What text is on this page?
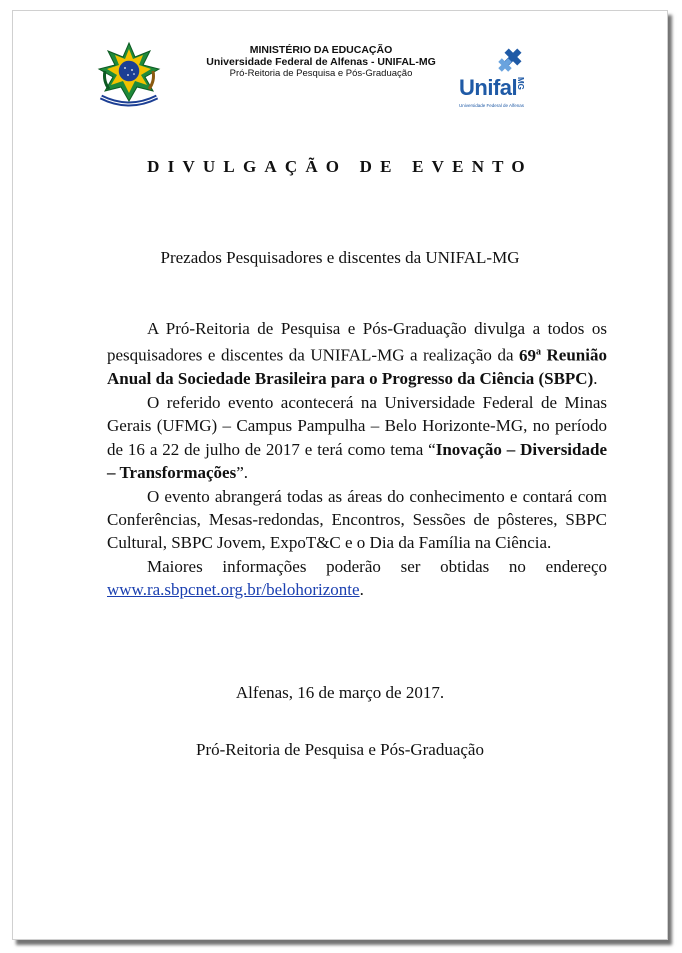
MINISTÉRIO DA EDUCAÇÃO
Universidade Federal de Alfenas - UNIFAL-MG
Pró-Reitoria de Pesquisa e Pós-Graduação
Unifal
MG
Universidade Federal de Alfenas
DIVULGAÇÃO DE EVENTO
Prezados Pesquisadores e discentes da UNIFAL-MG

A Pró-Reitoria de Pesquisa e Pós-Graduação divulga a todos os pesquisadores e discentes da UNIFAL-MG a realização da 69$^a$ Reunião Anual da Sociedade Brasileira para o Progresso da Ciência (SBPC).

O referido evento acontecerá na Universidade Federal de Minas Gerais (UFMG) – Campus Pampulha – Belo Horizonte-MG, no período de 16 a 22 de julho de 2017 e terá como tema “Inovação – Diversidade – Transformações”.

O evento abrangerá todas as áreas do conhecimento e contará com Conferências, Mesas-redondas, Encontros, Sessões de pôsteres, SBPC Cultural, SBPC Jovem, ExpoT&C e o Dia da Família na Ciência.

Maiores informações poderão ser obtidas no endereço www.ra.sbpcnet.org.br/belohorizonte.

Alfenas, 16 de março de 2017.
Pró-Reitoria de Pesquisa e Pós-Graduação
